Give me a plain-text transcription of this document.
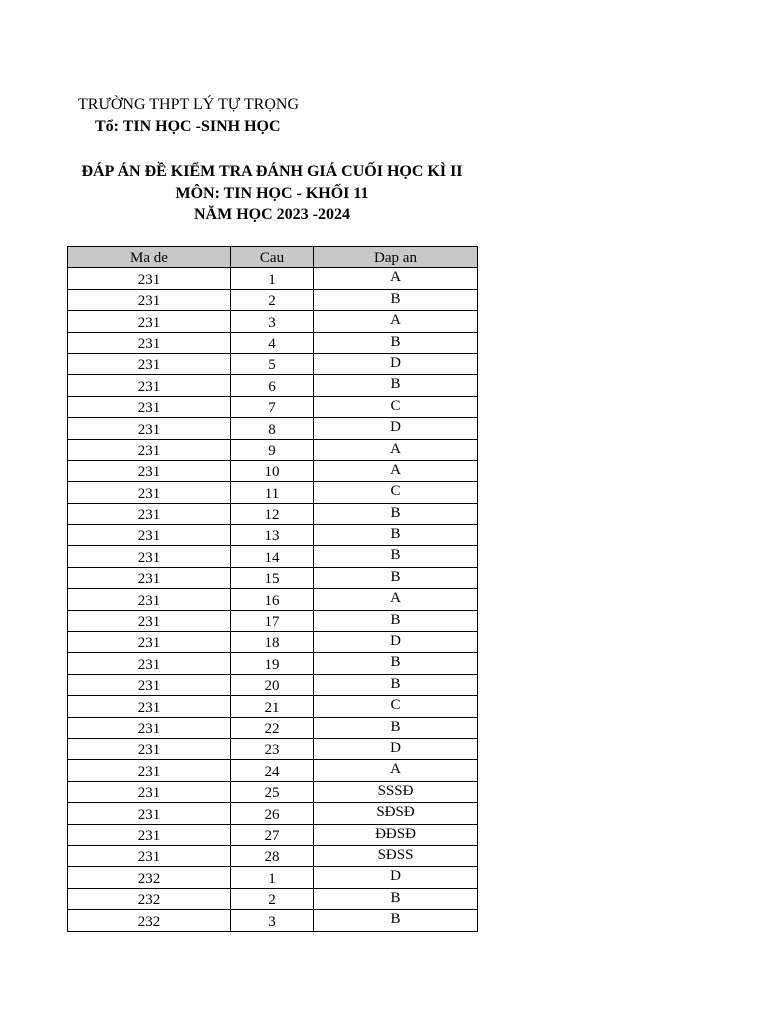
TRƯỜNG THPT LÝ TỰ TRỌNG
Tổ: TIN HỌC -SINH HỌC
ĐÁP ÁN ĐỀ KIỂM TRA ĐÁNH GIÁ CUỐI HỌC KÌ II
MÔN: TIN HỌC - KHỐI 11
NĂM HỌC 2023 -2024
Ma de	Cau	Dap an
231	1	A
231	2	B
231	3	A
231	4	B
231	5	D
231	6	B
231	7	C
231	8	D
231	9	A
231	10	A
231	11	C
231	12	B
231	13	B
231	14	B
231	15	B
231	16	A
231	17	B
231	18	D
231	19	B
231	20	B
231	21	C
231	22	B
231	23	D
231	24	A
231	25	SSSĐ
231	26	SĐSĐ
231	27	ĐĐSĐ
231	28	SĐSS
232	1	D
232	2	B
232	3	B
